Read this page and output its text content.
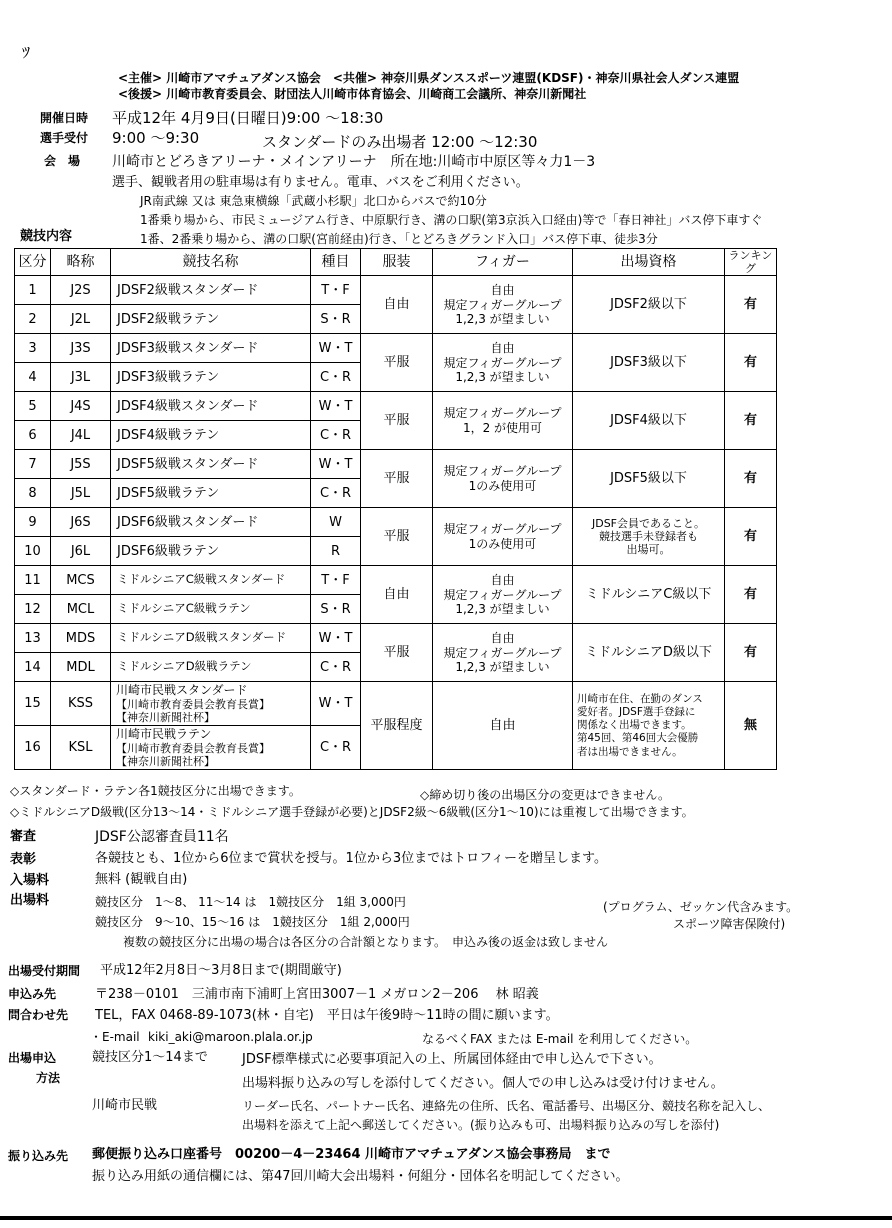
ﾂ
<主催> 川崎市アマチュアダンス協会　<共催> 神奈川県ダンススポーツ連盟(KDSF)・神奈川県社会人ダンス連盟
<後援> 川崎市教育委員会、財団法人川崎市体育協会、川崎商工会議所、神奈川新聞社
開催日時 平成12年 4月9日(日曜日)9:00 ～18:30
選手受付 9:00 ～9:30	スタンダードのみ出場者 12:00 ～12:30
会　場 川崎市とどろきアリーナ・メインアリーナ　所在地:川崎市中原区等々力1－3
選手、観戦者用の駐車場は有りません。電車、バスをご利用ください。
JR南武線 又は 東急東横線「武蔵小杉駅」北口からバスで約10分
1番乗り場から、市民ミュージアム行き、中原駅行き、溝の口駅(第3京浜入口経由)等で「春日神社」バス停下車すぐ
1番、2番乗り場から、溝の口駅(宮前経由)行き、「とどろきグランド入口」バス停下車、徒歩3分
競技内容
区分	略称	競技名称	種目	服装	フィガー	出場資格	ランキング
1	J2S	JDSF2級戦スタンダード	T・F	自由	自由
規定フィガーグループ
1,2,3 が望ましい	JDSF2級以下	有
2	J2L	JDSF2級戦ラテン	S・R				
3	J3S	JDSF3級戦スタンダード	W・T	平服	自由
規定フィガーグループ
1,2,3 が望ましい	JDSF3級以下	有
4	J3L	JDSF3級戦ラテン	C・R				
5	J4S	JDSF4級戦スタンダード	W・T	平服	規定フィガーグループ
1，2 が使用可	JDSF4級以下	有
6	J4L	JDSF4級戦ラテン	C・R				
7	J5S	JDSF5級戦スタンダード	W・T	平服	規定フィガーグループ
1のみ使用可	JDSF5級以下	有
8	J5L	JDSF5級戦ラテン	C・R				
9	J6S	JDSF6級戦スタンダード	W	平服	規定フィガーグループ
1のみ使用可	JDSF会員であること。
競技選手未登録者も
出場可。	有
10	J6L	JDSF6級戦ラテン	R				
11	MCS	ミドルシニアC級戦スタンダード	T・F	自由	自由
規定フィガーグループ
1,2,3 が望ましい	ミドルシニアC級以下	有
12	MCL	ミドルシニアC級戦ラテン	S・R				
13	MDS	ミドルシニアD級戦スタンダード	W・T	平服	自由
規定フィガーグループ
1,2,3 が望ましい	ミドルシニアD級以下	有
14	MDL	ミドルシニアD級戦ラテン	C・R				
15	KSS	川崎市民戦スタンダード
【川崎市教育委員会教育長賞】
【神奈川新聞社杯】	W・T	平服程度	自由	川崎市在住、在勤のダンス
愛好者。JDSF選手登録に
関係なく出場できます。
第45回、第46回大会優勝
者は出場できません。	無
16	KSL	川崎市民戦ラテン
【川崎市教育委員会教育長賞】
【神奈川新聞社杯】	C・R				
◇スタンダード・ラテン各1競技区分に出場できます。	◇締め切り後の出場区分の変更はできません。
◇ミドルシニアD級戦(区分13～14・ミドルシニア選手登録が必要)とJDSF2級～6級戦(区分1～10)には重複して出場できます。
審査	JDSF公認審査員11名
表彰	各競技とも、1位から6位まで賞状を授与。1位から3位まではトロフィーを贈呈します。
入場料	無料 (観戦自由)
出場料	競技区分　1～8、 11～14 は　1競技区分　1組 3,000円	(プログラム、ゼッケン代含みます。
競技区分　9～10、15～16 は　1競技区分　1組 2,000円	スポーツ障害保険付)
複数の競技区分に出場の場合は各区分の合計額となります。　申込み後の返金は致しません
出場受付期間 平成12年2月8日～3月8日まで(期間厳守)
申込み先	〒238－0101　三浦市南下浦町上宮田3007－1 メガロン2－206　 林 昭義
問合わせ先 TEL，FAX 0468-89-1073(林・自宅)　平日は午後9時～11時の間に願います。
・E-mail kiki_aki@maroon.plala.or.jp	なるべくFAX または E-mail を利用してください。
出場申込
方法
競技区分1～14まで	JDSF標準様式に必要事項記入の上、所属団体経由で申し込んで下さい。
出場料振り込みの写しを添付してください。個人での申し込みは受け付けません。
川崎市民戦	リーダー氏名、パートナー氏名、連絡先の住所、氏名、電話番号、出場区分、競技名称を記入し、
出場料を添えて上記へ郵送してください。(振り込みも可、出場料振り込みの写しを添付)
振り込み先 郵便振り込み口座番号　00200－4－23464 川崎市アマチュアダンス協会事務局　まで
振り込み用紙の通信欄には、第47回川崎大会出場料・何組分・団体名を明記してください。
